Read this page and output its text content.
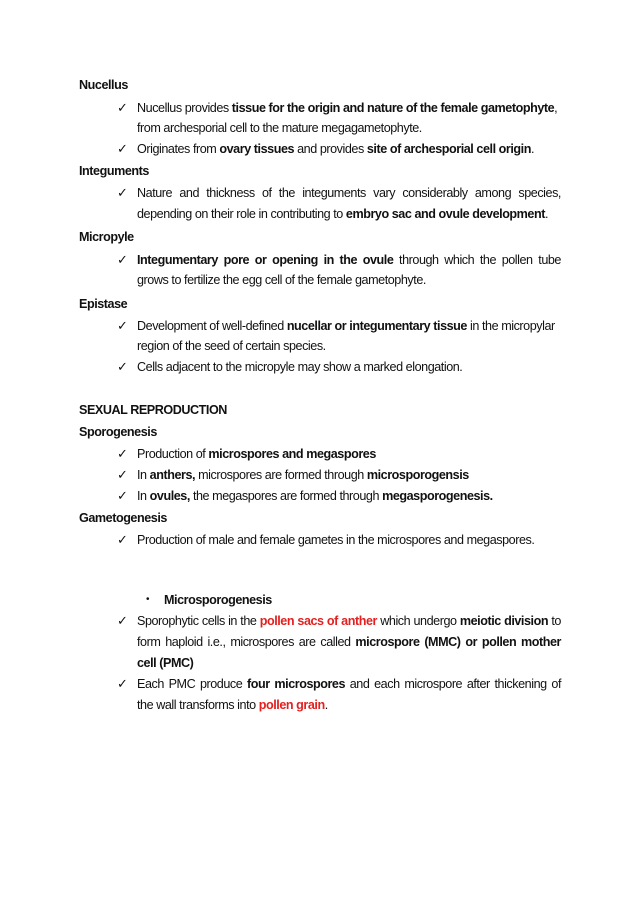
Nucellus
✓ Nucellus provides tissue for the origin and nature of the female gametophyte,
from archesporial cell to the mature megagametophyte.
✓ Originates from ovary tissues and provides site of archesporial cell origin.
Integuments
✓ Nature and thickness of the integuments vary considerably among species,
depending on their role in contributing to embryo sac and ovule development.
Micropyle
✓ Integumentary pore or opening in the ovule through which the pollen tube
grows to fertilize the egg cell of the female gametophyte.
Epistase
✓ Development of well-defined nucellar or integumentary tissue in the micropylar
region of the seed of certain species.
✓ Cells adjacent to the micropyle may show a marked elongation.
SEXUAL REPRODUCTION
Sporogenesis
✓ Production of microspores and megaspores
✓ In anthers, microspores are formed through microsporogensis
✓ In ovules, the megaspores are formed through megasporogenesis.
Gametogenesis
✓ Production of male and female gametes in the microspores and megaspores.
• Microsporogenesis
✓ Sporophytic cells in the pollen sacs of anther which undergo meiotic division to
form haploid i.e., microspores are called microspore (MMC) or pollen mother
cell (PMC)
✓ Each PMC produce four microspores and each microspore after thickening of
the wall transforms into pollen grain.
